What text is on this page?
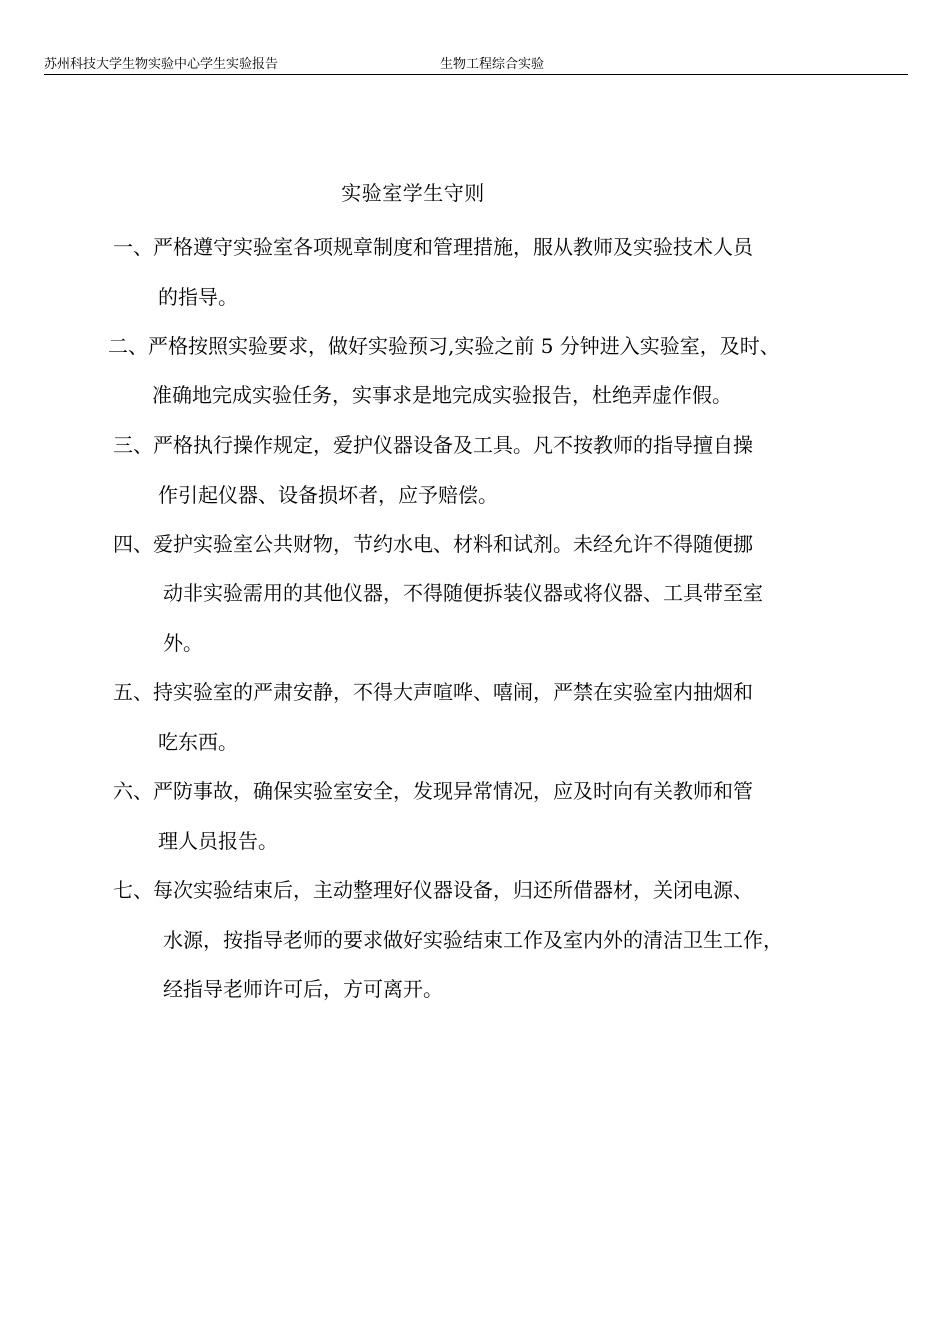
苏州科技大学生物实验中心学生实验报告	生物工程综合实验
实验室学生守则
一、严格遵守实验室各项规章制度和管理措施，服从教师及实验技术人员
的指导。
二、严格按照实验要求，做好实验预习,实验之前 5 分钟进入实验室，及时、
准确地完成实验任务，实事求是地完成实验报告，杜绝弄虚作假。
三、严格执行操作规定，爱护仪器设备及工具。凡不按教师的指导擅自操
作引起仪器、设备损坏者，应予赔偿。
四、爱护实验室公共财物，节约水电、材料和试剂。未经允许不得随便挪
动非实验需用的其他仪器，不得随便拆装仪器或将仪器、工具带至室
外。
五、持实验室的严肃安静，不得大声喧哗、嘻闹，严禁在实验室内抽烟和
吃东西。
六、严防事故，确保实验室安全，发现异常情况，应及时向有关教师和管
理人员报告。
七、每次实验结束后，主动整理好仪器设备，归还所借器材，关闭电源、
水源，按指导老师的要求做好实验结束工作及室内外的清洁卫生工作，
经指导老师许可后，方可离开。
